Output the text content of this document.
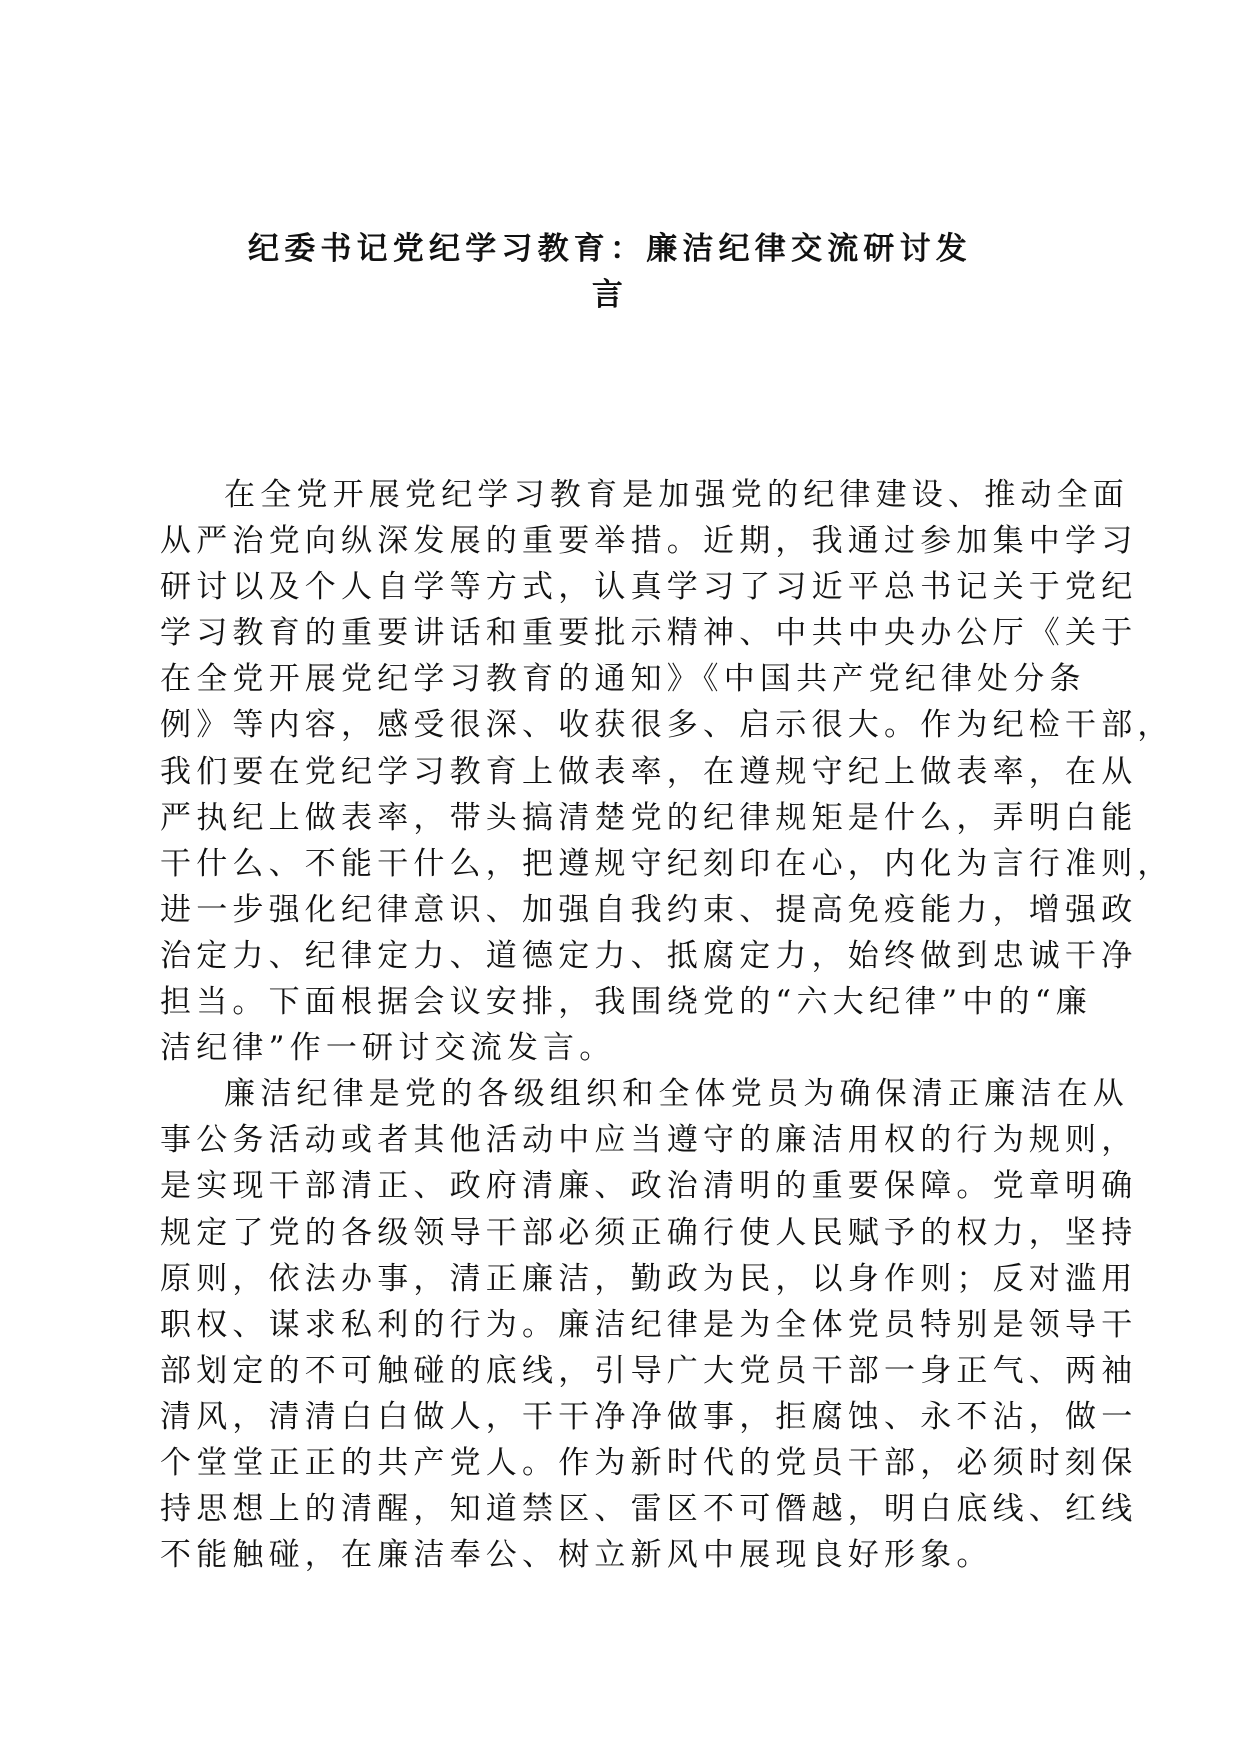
纪委书记党纪学习教育：廉洁纪律交流研讨发
言
在全党开展党纪学习教育是加强党的纪律建设、推动全面
从严治党向纵深发展的重要举措。近期，我通过参加集中学习
研讨以及个人自学等方式，认真学习了习近平总书记关于党纪
学习教育的重要讲话和重要批示精神、中共中央办公厅《关于
在全党开展党纪学习教育的通知》《中国共产党纪律处分条
例》等内容，感受很深、收获很多、启示很大。作为纪检干部，
我们要在党纪学习教育上做表率，在遵规守纪上做表率，在从
严执纪上做表率，带头搞清楚党的纪律规矩是什么，弄明白能
干什么、不能干什么，把遵规守纪刻印在心，内化为言行准则，
进一步强化纪律意识、加强自我约束、提高免疫能力，增强政
治定力、纪律定力、道德定力、抵腐定力，始终做到忠诚干净
担当。下面根据会议安排，我围绕党的“六大纪律”中的“廉
洁纪律”作一研讨交流发言。
廉洁纪律是党的各级组织和全体党员为确保清正廉洁在从
事公务活动或者其他活动中应当遵守的廉洁用权的行为规则，
是实现干部清正、政府清廉、政治清明的重要保障。党章明确
规定了党的各级领导干部必须正确行使人民赋予的权力，坚持
原则，依法办事，清正廉洁，勤政为民，以身作则；反对滥用
职权、谋求私利的行为。廉洁纪律是为全体党员特别是领导干
部划定的不可触碰的底线，引导广大党员干部一身正气、两袖
清风，清清白白做人，干干净净做事，拒腐蚀、永不沾，做一
个堂堂正正的共产党人。作为新时代的党员干部，必须时刻保
持思想上的清醒，知道禁区、雷区不可僭越，明白底线、红线
不能触碰，在廉洁奉公、树立新风中展现良好形象。
